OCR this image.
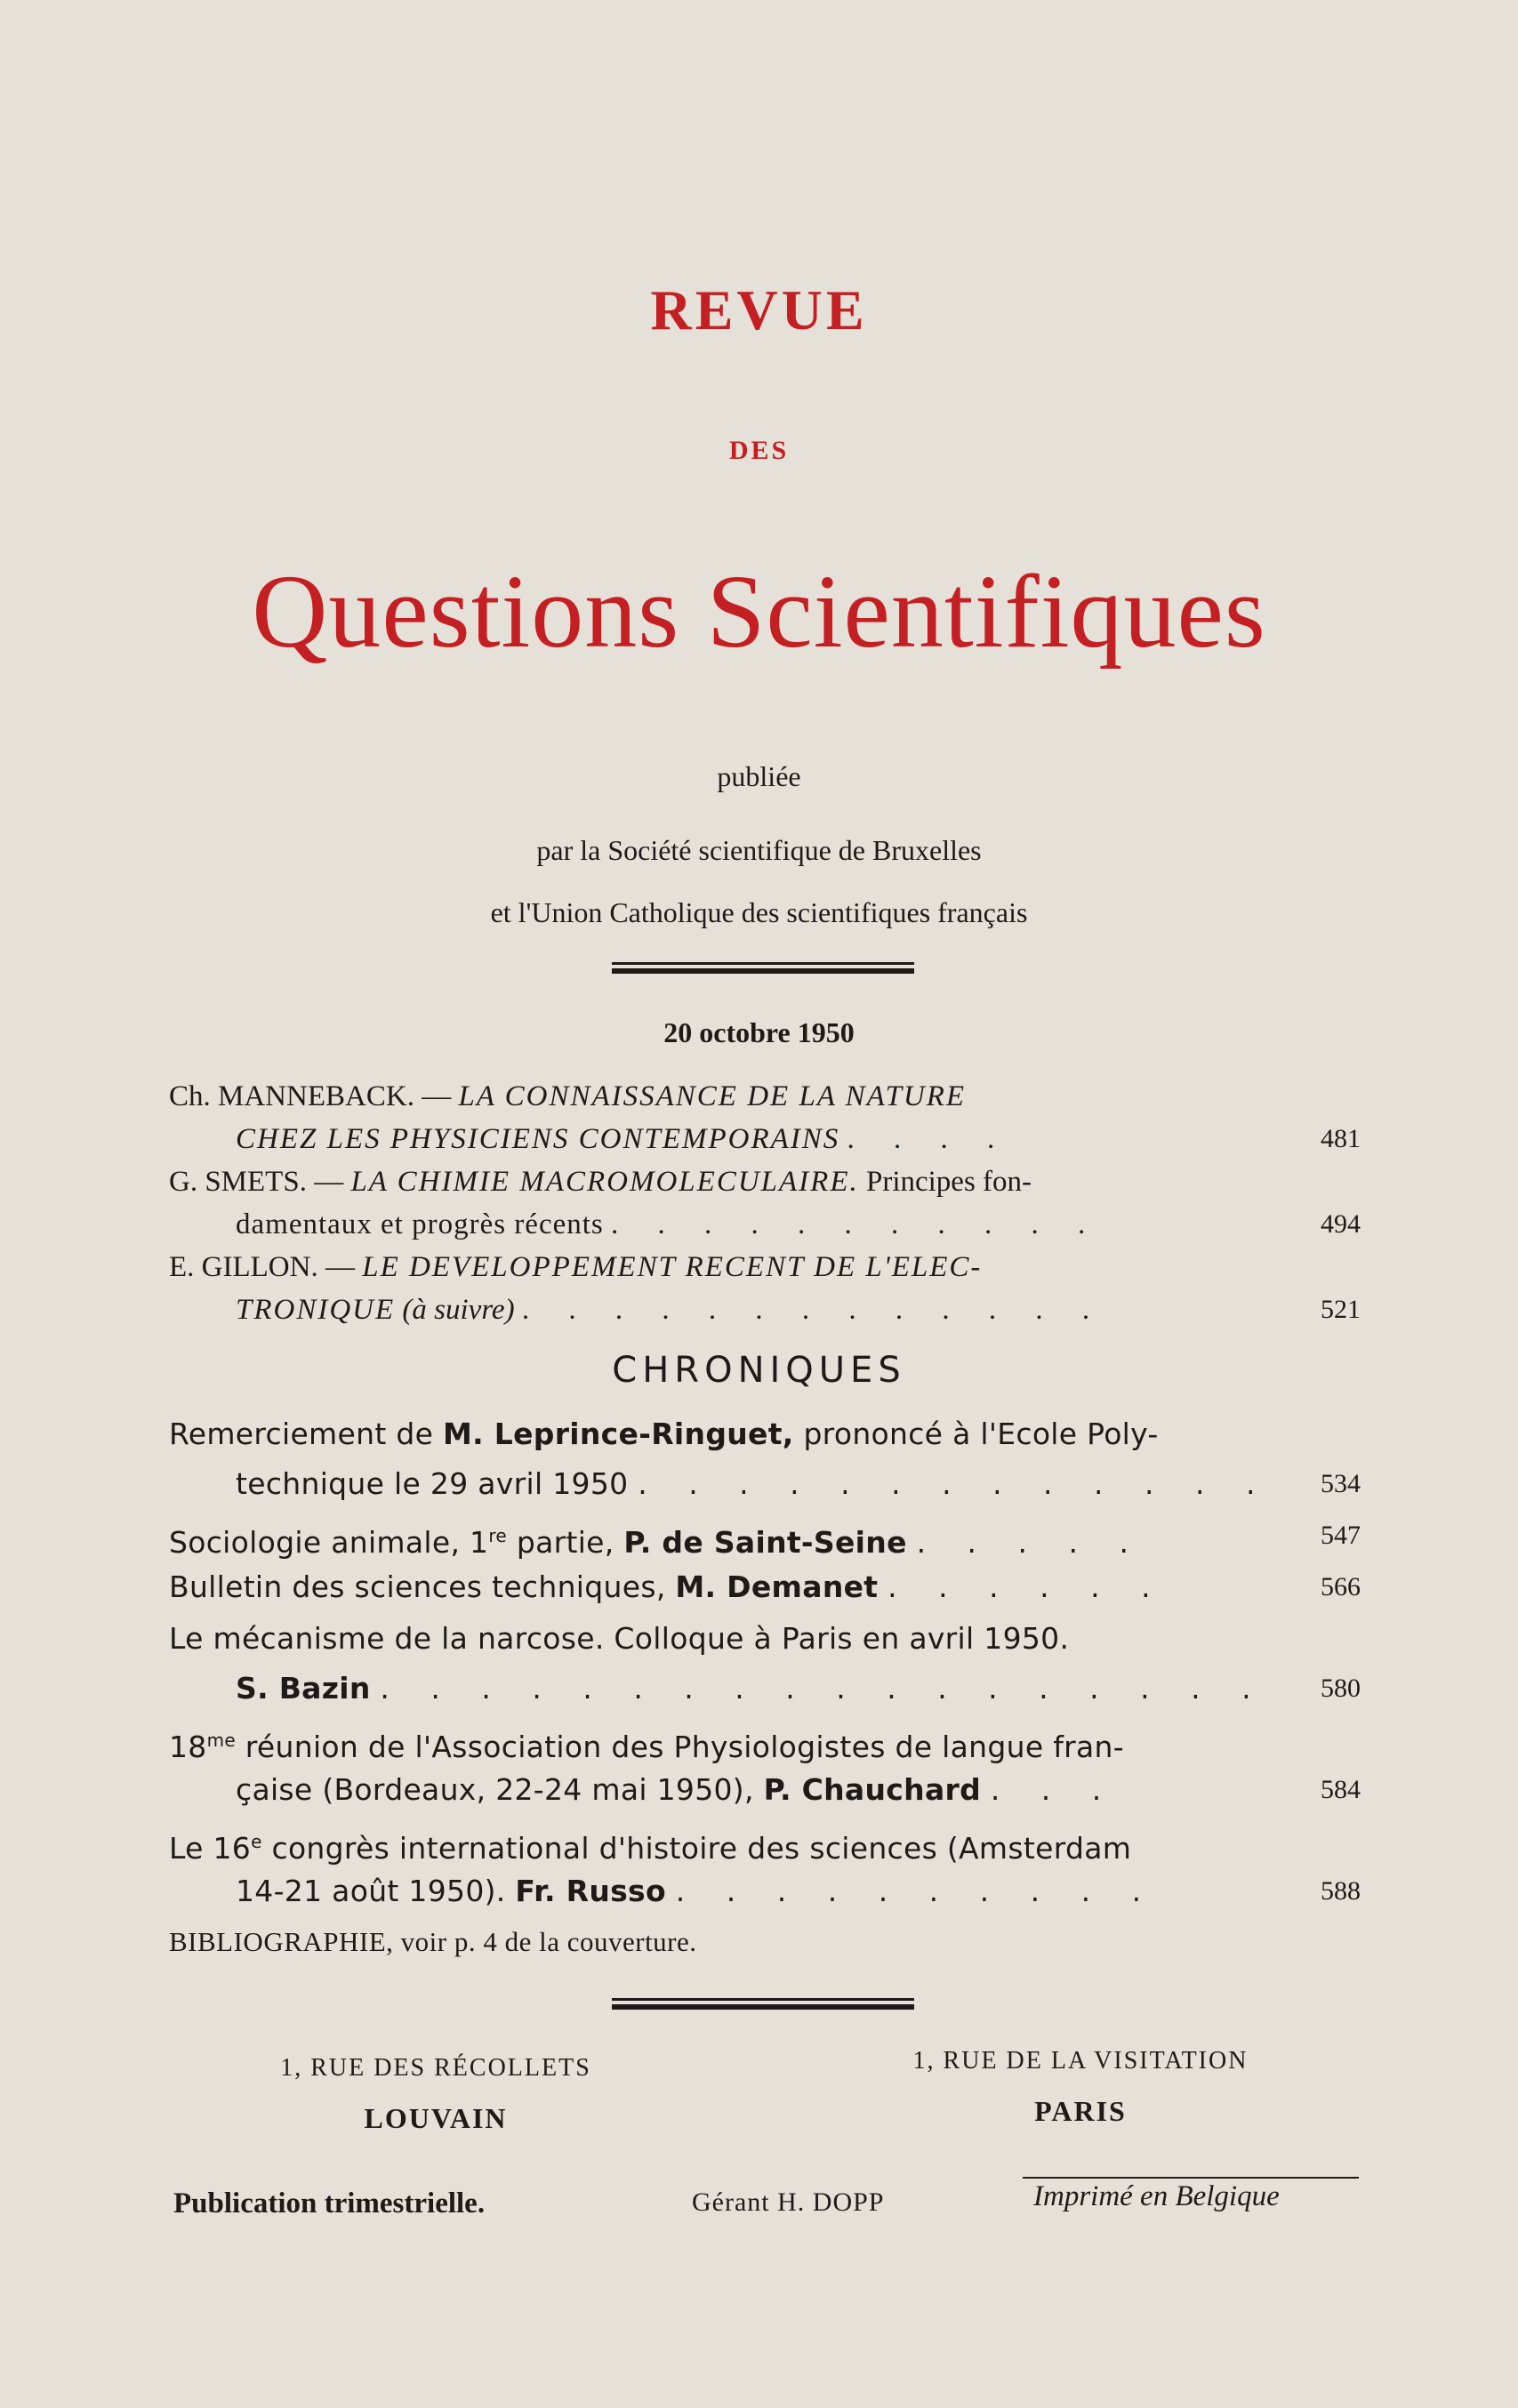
REVUE
DES
Questions Scientifiques
publiée
par la Société scientifique de Bruxelles
et l'Union Catholique des scientifiques français
20 octobre 1950
Ch. MANNEBACK. — LA CONNAISSANCE DE LA NATURE
CHEZ LES PHYSICIENS CONTEMPORAINS . . . .	481
G. SMETS. — LA CHIMIE MACROMOLECULAIRE. Principes fon-
damentaux et progrès récents . . . . . . . . . . .	494
E. GILLON. — LE DEVELOPPEMENT RECENT DE L'ELEC-
TRONIQUE (à suivre) . . . . . . . . . . . . .	521
CHRONIQUES
Remerciement de M. Leprince-Ringuet, prononcé à l'Ecole Poly-
technique le 29 avril 1950 . . . . . . . . . . . . .	534
Sociologie animale, 1re partie, P. de Saint-Seine . . . . .	547
Bulletin des sciences techniques, M. Demanet . . . . . .	566
Le mécanisme de la narcose. Colloque à Paris en avril 1950.
S. Bazin . . . . . . . . . . . . . . . . . .	580
$18^{me}$ réunion de l'Association des Physiologistes de langue fran-
çaise (Bordeaux, 22-24 mai 1950), P. Chauchard . . .	584
Le 16e congrès international d'histoire des sciences (Amsterdam
14-21 août 1950). Fr. Russo . . . . . . . . . .	588
BIBLIOGRAPHIE, voir p. 4 de la couverture.
1, RUE DES RÉCOLLETS
LOUVAIN
1, RUE DE LA VISITATION
PARIS
Publication trimestrielle.	Gérant H. DOPP	Imprimé en Belgique
